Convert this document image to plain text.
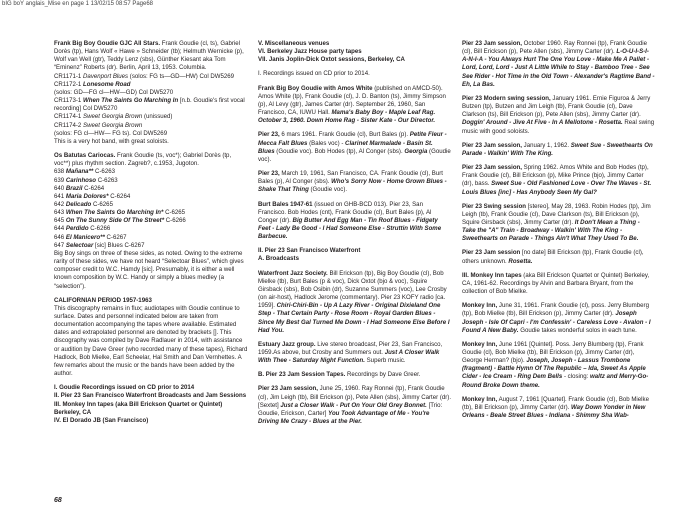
bIG boY anglais_Mise en page 1 13/02/15 08:57 Page68

Frank Big Boy Goudie GJC All Stars. Frank Goudie (cl, ts), Gabriel Dorès (tp), Hans Wolf « Hawe » Schneider (tb); Helmuth Wernicke (p), Wolf van Well (gtr), Teddy Lenz (sbs), Günther Kiesant aka Tom “Eminenz” Roberts (dr). Berlin, April 13, 1953. Columbia.

CR1171-1 Davenport Blues (solos: FG ts—GD—HW) Col DW5269
CR1172-1 Lonesome Road
(solos: GD—FG cl—HW—GD) Col DW5270
CR1173-1 When The Saints Go Marching In [n.b. Goudie's first vocal recording] Col DW5270
CR1174-1 Sweet Georgia Brown (unissued)
CR1174-2 Sweet Georgia Brown
(solos: FG cl—HW— FG ts). Col DW5269
This is a very hot band, with great soloists.

Os Batutas Cariocas. Frank Goudie (ts, voc*); Gabriel Dorès (tp, voc**) plus rhythm section. Zagreb?, c.1953, Jugoton.

638 Mañana** C-6263
639 Carinhoso C-6263
640 Brazil C-6264
641 Maria Dolores* C-6264
642 Delicado C-6265
643 When The Saints Go Marching In* C-6265
645 On The Sunny Side Of The Street* C-6266
644 Perdido C-6266
646 El Manicero** C-6267
647 Selectoar [sic] Blues C-6267

Big Boy sings on three of these sides, as noted. Owing to the extreme rarity of these sides, we have not heard “Selectoar Blues”, which gives composer credit to W.C. Hamdy [sic]. Presumably, it is either a well known composition by W.C. Handy or simply a blues medley (a “selection”).

CALIFORNIAN PERIOD 1957-1963

This discography remains in flux; audiotapes with Goudie continue to surface. Dates and personnel indicated below are taken from documentation accompanying the tapes where available. Estimated dates and extrapolated personnel are denoted by brackets []. This discography was compiled by Dave Radlauer in 2014, with assistance or audition by Dave Greer (who recorded many of these tapes), Richard Hadlock, Bob Mielke, Earl Scheelar, Hal Smith and Dan Vernhettes. A few remarks about the music or the bands have been added by the author.

I. Goudie Recordings issued on CD prior to 2014
II. Pier 23 San Francisco Waterfront Broadcasts and Jam Sessions
III. Monkey Inn tapes (aka Bill Erickson Quartet or Quintet) Berkeley, CA
IV. El Dorado JB (San Francisco)
V. Miscellaneous venues
VI. Berkeley Jazz House party tapes
VII. Janis Joplin-Dick Oxtot sessions, Berkeley, CA

I. Recordings issued on CD prior to 2014.

Frank Big Boy Goudie with Amos White (published on AMCD-50). Amos White (tp), Frank Goudie (cl), J. D. Banton (ts), Jimmy Simpson (p), Al Levy (gtr), James Carter (dr). September 26, 1960, San Francisco, CA, IUWU Hall. Mama's Baby Boy - Maple Leaf Rag. October 3, 1960. Down Home Rag - Sister Kate - Our Director.

Pier 23, 6 mars 1961. Frank Goudie (cl), Burt Bales (p). Petite Fleur - Mecca Falt Blues (Bales voc) - Clarinet Marmalade - Basin St. Blues (Goudie voc). Bob Hodes (tp), Al Conger (sbs). Georgia (Goudie voc).

Pier 23, March 19, 1961, San Francisco, CA. Frank Goudie (cl), Burt Bales (p), Al Conger (sbs). Who's Sorry Now - Home Grown Blues - Shake That Thing (Goudie voc).

Burt Bales 1947-61 (issued on GHB-BCD 013). Pier 23, San Francisco. Bob Hodes (cnt), Frank Goudie (cl), Burt Bales (p), Al Conger (dr). Big Butter And Egg Man - Tin Roof Blues - Fidgety Feet - Lady Be Good - I Had Someone Else - Struttin With Some Barbecue.

II. Pier 23 San Francisco Waterfront
A. Broadcasts

Waterfront Jazz Society. Bill Erickson (tp), Big Boy Goudie (cl), Bob Mielke (tb), Burt Bales (p & voc), Dick Oxtot (bjo & voc), Squire Girsback (sbs), Bob Osibin (dr), Suzanne Summers (voc), Lee Crosby (on air-host), Hadlock Jerome (commentary). Pier 23 KOFY radio [ca. 1959]. Chiri-Chiri-Bin - Up A Lazy River - Original Dixieland One Step - That Certain Party - Rose Room - Royal Garden Blues - Since My Best Gal Turned Me Down - I Had Someone Else Before I Had You.

Estuary Jazz group. Live stereo broadcast, Pier 23, San Francisco, 1959.As above, but Crosby and Summers out. Just A Closer Walk With Thee - Saturday Night Function. Superb music.

B. Pier 23 Jam Session Tapes. Recordings by Dave Greer.

Pier 23 Jam session, June 25, 1960. Ray Ronnei (tp), Frank Goudie (cl), Jim Leigh (tb), Bill Erickson (p), Pete Allen (sbs), Jimmy Carter (dr). [Sextet] Just a Closer Walk - Put On Your Old Grey Bonnet. [Trio: Goudie, Erickson, Carter] You Took Advantage of Me - You're Driving Me Crazy - Blues at the Pier.

Pier 23 Jam session, October 1960. Ray Ronnei (tp), Frank Goudie (cl), Bill Erickson (p), Pete Allen (sbs), Jimmy Carter (dr). L-O-U-I-S-I-A-N-I-A - You Always Hurt The One You Love - Make Me A Pallet - Lord, Lord, Lord - Just A Little While to Stay - Bamboo Tree - See See Rider - Hot Time in the Old Town - Alexander's Ragtime Band - Eh, La Bas.

Pier 23 Modern swing session, January 1961. Ernie Figuroa & Jerry Butzen (tp), Butzen and Jim Leigh (tb), Frank Goudie (cl), Dave Clarkson (ts), Bill Erickson (p), Pete Allen (sbs), Jimmy Carter (dr). Doggin' Around - Jive At Five - In A Mellotone - Rosetta. Real swing music with good soloists.

Pier 23 Jam session, January 1, 1962. Sweet Sue - Sweethearts On Parade - Walkin' With The King.

Pier 23 Jam session, Spring 1962. Amos White and Bob Hodes (tp), Frank Goudie (cl), Bill Erickson (p), Mike Prince (bjo), Jimmy Carter (dr), bass. Sweet Sue - Old Fashioned Love - Over The Waves - St. Louis Blues [inc] - Has Anybody Seen My Gal?

Pier 23 Swing session [stereo], May 28, 1963. Robin Hodes (tp), Jim Leigh (tb), Frank Goudie (cl), Dave Clarkson (ts), Bill Erickson (p), Squire Girsback (sbs), Jimmy Carter (dr). It Don't Mean a Thing - Take the "A" Train - Broadway - Walkin' With The King - Sweethearts on Parade - Things Ain't What They Used To Be.

Pier 23 Jam session [no date] Bill Erickson (tp), Frank Goudie (cl), others unknown. Rosetta.

III. Monkey Inn tapes (aka Bill Erickson Quartet or Quintet) Berkeley, CA, 1961-62. Recordings by Alvin and Barbara Bryant, from the collection of Bob Mielke.

Monkey Inn, June 31, 1961. Frank Goudie (cl), poss. Jerry Blumberg (tp), Bob Mielke (tb), Bill Erickson (p), Jimmy Carter (dr). Joseph Joseph - Isle Of Capri - I'm Confessin' - Careless Love - Avalon - I Found A New Baby. Goudie takes wonderful solos in each tune.

Monkey Inn, June 1961 [Quintet]. Poss. Jerry Blumberg (tp), Frank Goudie (cl), Bob Mielke (tb), Bill Erickson (p), Jimmy Carter (dr), George Herman? (bjo). Joseph, Joseph - Lassus Trombone (fragment) - Battle Hymn Of The Republic – Ida, Sweet As Apple Cider - Ice Cream - Ring Dem Bells - closing: waltz and Merry-Go-Round Broke Down theme.

Monkey Inn, August 7, 1961 [Quartet]. Frank Goudie (cl), Bob Mielke (tb), Bill Erickson (p), Jimmy Carter (dr). Way Down Yonder in New Orleans - Beale Street Blues - Indiana - Shimmy Sha Wab-

68
